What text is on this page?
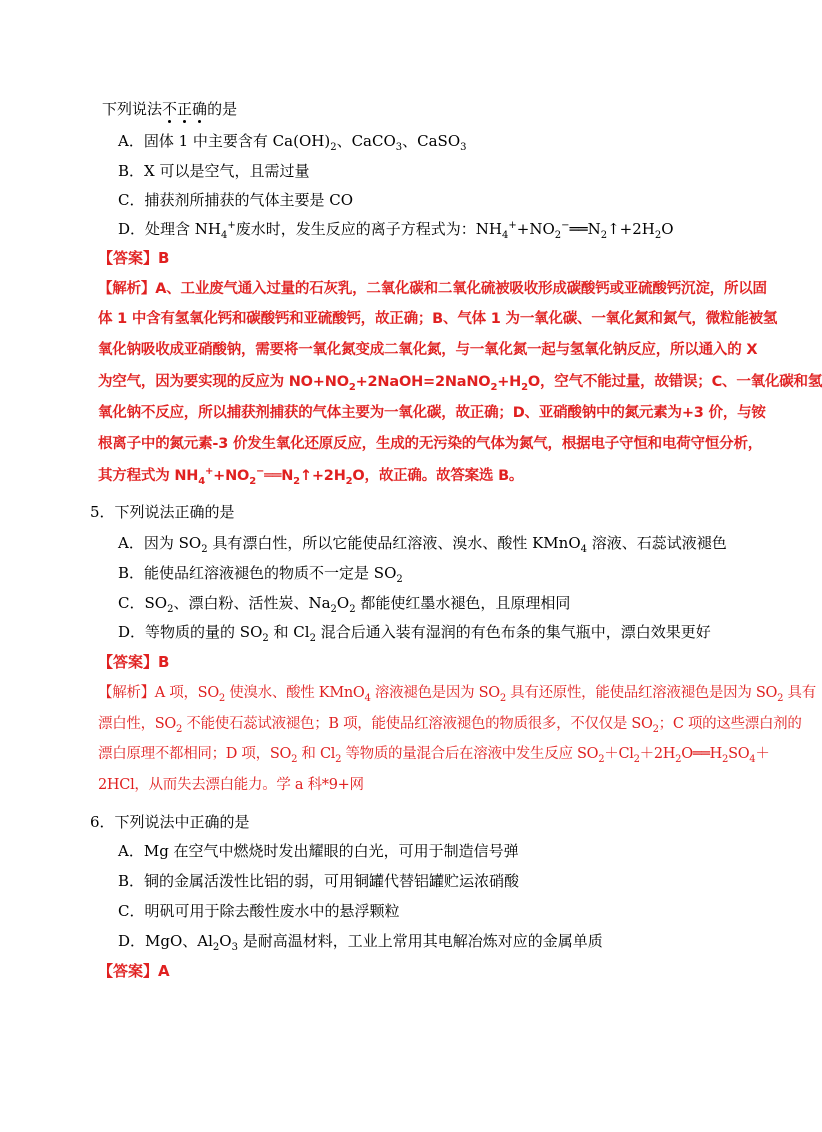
下列说法不正确的是
A．固体 1 中主要含有 $Ca(OH)_2$、CaCO$_3$、CaSO$_3$
B．X 可以是空气，且需过量
C．捕获剂所捕获的气体主要是 CO
D．处理含 $NH_4^+$废水时，发生反应的离子方程式为：$NH_4^++NO_2^-══N_2↑+2H_2O$
【答案】B
【解析】A、工业废气通入过量的石灰乳，二氧化碳和二氧化硫被吸收形成碳酸钙或亚硫酸钙沉淀，所以固
体 1 中含有氢氧化钙和碳酸钙和亚硫酸钙，故正确；B、气体 1 为一氧化碳、一氧化氮和氮气，微粒能被氢
氧化钠吸收成亚硝酸钠，需要将一氧化氮变成二氧化氮，与一氧化氮一起与氢氧化钠反应，所以通入的 X
为空气，因为要实现的反应为 $NO+NO_2+2NaOH=2NaNO_2+H_2O$，空气不能过量，故错误；C、一氧化碳和氢
氧化钠不反应，所以捕获剂捕获的气体主要为一氧化碳，故正确；D、亚硝酸钠中的氮元素为+3 价，与铵
根离子中的氮元素-3 价发生氧化还原反应，生成的无污染的气体为氮气，根据电子守恒和电荷守恒分析，
其方程式为 $NH_4^++NO_2^-══N_2↑+2H_2O$，故正确。故答案选 B。
5．下列说法正确的是
A．因为 $SO_2$ 具有漂白性，所以它能使品红溶液、溴水、酸性 KMnO$_4$ 溶液、石蕊试液褪色
B．能使品红溶液褪色的物质不一定是 $SO_2$
C．$SO_2$、漂白粉、活性炭、$Na_2O_2$ 都能使红墨水褪色，且原理相同
D．等物质的量的 $SO_2$ 和 $Cl_2$ 混合后通入装有湿润的有色布条的集气瓶中，漂白效果更好
【答案】B
【解析】A 项，$SO_2$ 使溴水、酸性 KMnO$_4$ 溶液褪色是因为 $SO_2$ 具有还原性，能使品红溶液褪色是因为 $SO_2$ 具有
漂白性，$SO_2$ 不能使石蕊试液褪色；B 项，能使品红溶液褪色的物质很多，不仅仅是 $SO_2$；C 项的这些漂白剂的
漂白原理不都相同；D 项，$SO_2$ 和 $Cl_2$ 等物质的量混合后在溶液中发生反应 $SO_2+Cl_2+2H_2O══H_2SO_4+$
2HCl，从而失去漂白能力。学 a 科*9+网
6．下列说法中正确的是
A．Mg 在空气中燃烧时发出耀眼的白光，可用于制造信号弹
B．铜的金属活泼性比铝的弱，可用铜罐代替铝罐贮运浓硝酸
C．明矾可用于除去酸性废水中的悬浮颗粒
D．MgO、$Al_2O_3$ 是耐高温材料，工业上常用其电解冶炼对应的金属单质
【答案】A
